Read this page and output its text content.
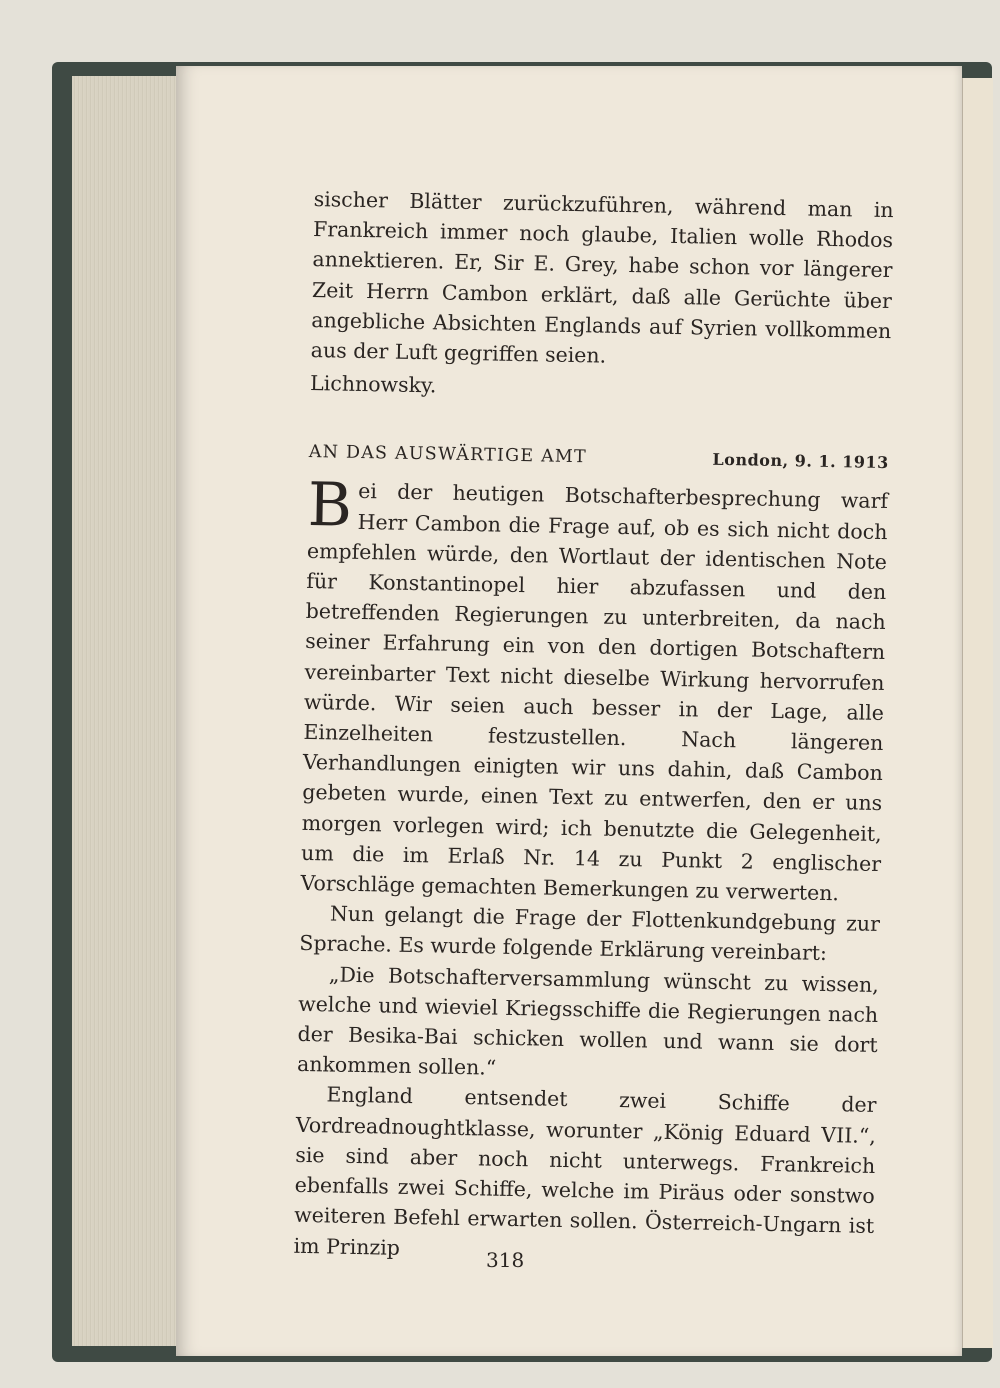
sischer Blätter zurückzuführen, während man in Frankreich immer noch glaube, Italien wolle Rhodos annektieren. Er, Sir E. Grey, habe schon vor längerer Zeit Herrn Cambon erklärt, daß alle Gerüchte über angebliche Absichten Englands auf Syrien vollkommen aus der Luft gegriffen seien.

Lichnowsky.

AN DAS AUSWÄRTIGE AMT	London, 9. 1. 1913

Bei der heutigen Botschafterbesprechung warf Herr Cambon die Frage auf, ob es sich nicht doch empfehlen würde, den Wortlaut der identischen Note für Konstantinopel hier abzufassen und den betreffenden Regierungen zu unterbreiten, da nach seiner Erfahrung ein von den dortigen Botschaftern vereinbarter Text nicht dieselbe Wirkung hervorrufen würde. Wir seien auch besser in der Lage, alle Einzelheiten festzustellen. Nach längeren Verhandlungen einigten wir uns dahin, daß Cambon gebeten wurde, einen Text zu entwerfen, den er uns morgen vorlegen wird; ich benutzte die Gelegenheit, um die im Erlaß Nr. 14 zu Punkt 2 englischer Vorschläge gemachten Bemerkungen zu verwerten.

Nun gelangt die Frage der Flottenkundgebung zur Sprache. Es wurde folgende Erklärung vereinbart:

„Die Botschafterversammlung wünscht zu wissen, welche und wieviel Kriegsschiffe die Regierungen nach der Besika-Bai schicken wollen und wann sie dort ankommen sollen.“

England entsendet zwei Schiffe der Vordreadnoughtklasse, worunter „König Eduard VII.“, sie sind aber noch nicht unterwegs. Frankreich ebenfalls zwei Schiffe, welche im Piräus oder sonstwo weiteren Befehl erwarten sollen. Österreich-Ungarn ist im Prinzip

318
